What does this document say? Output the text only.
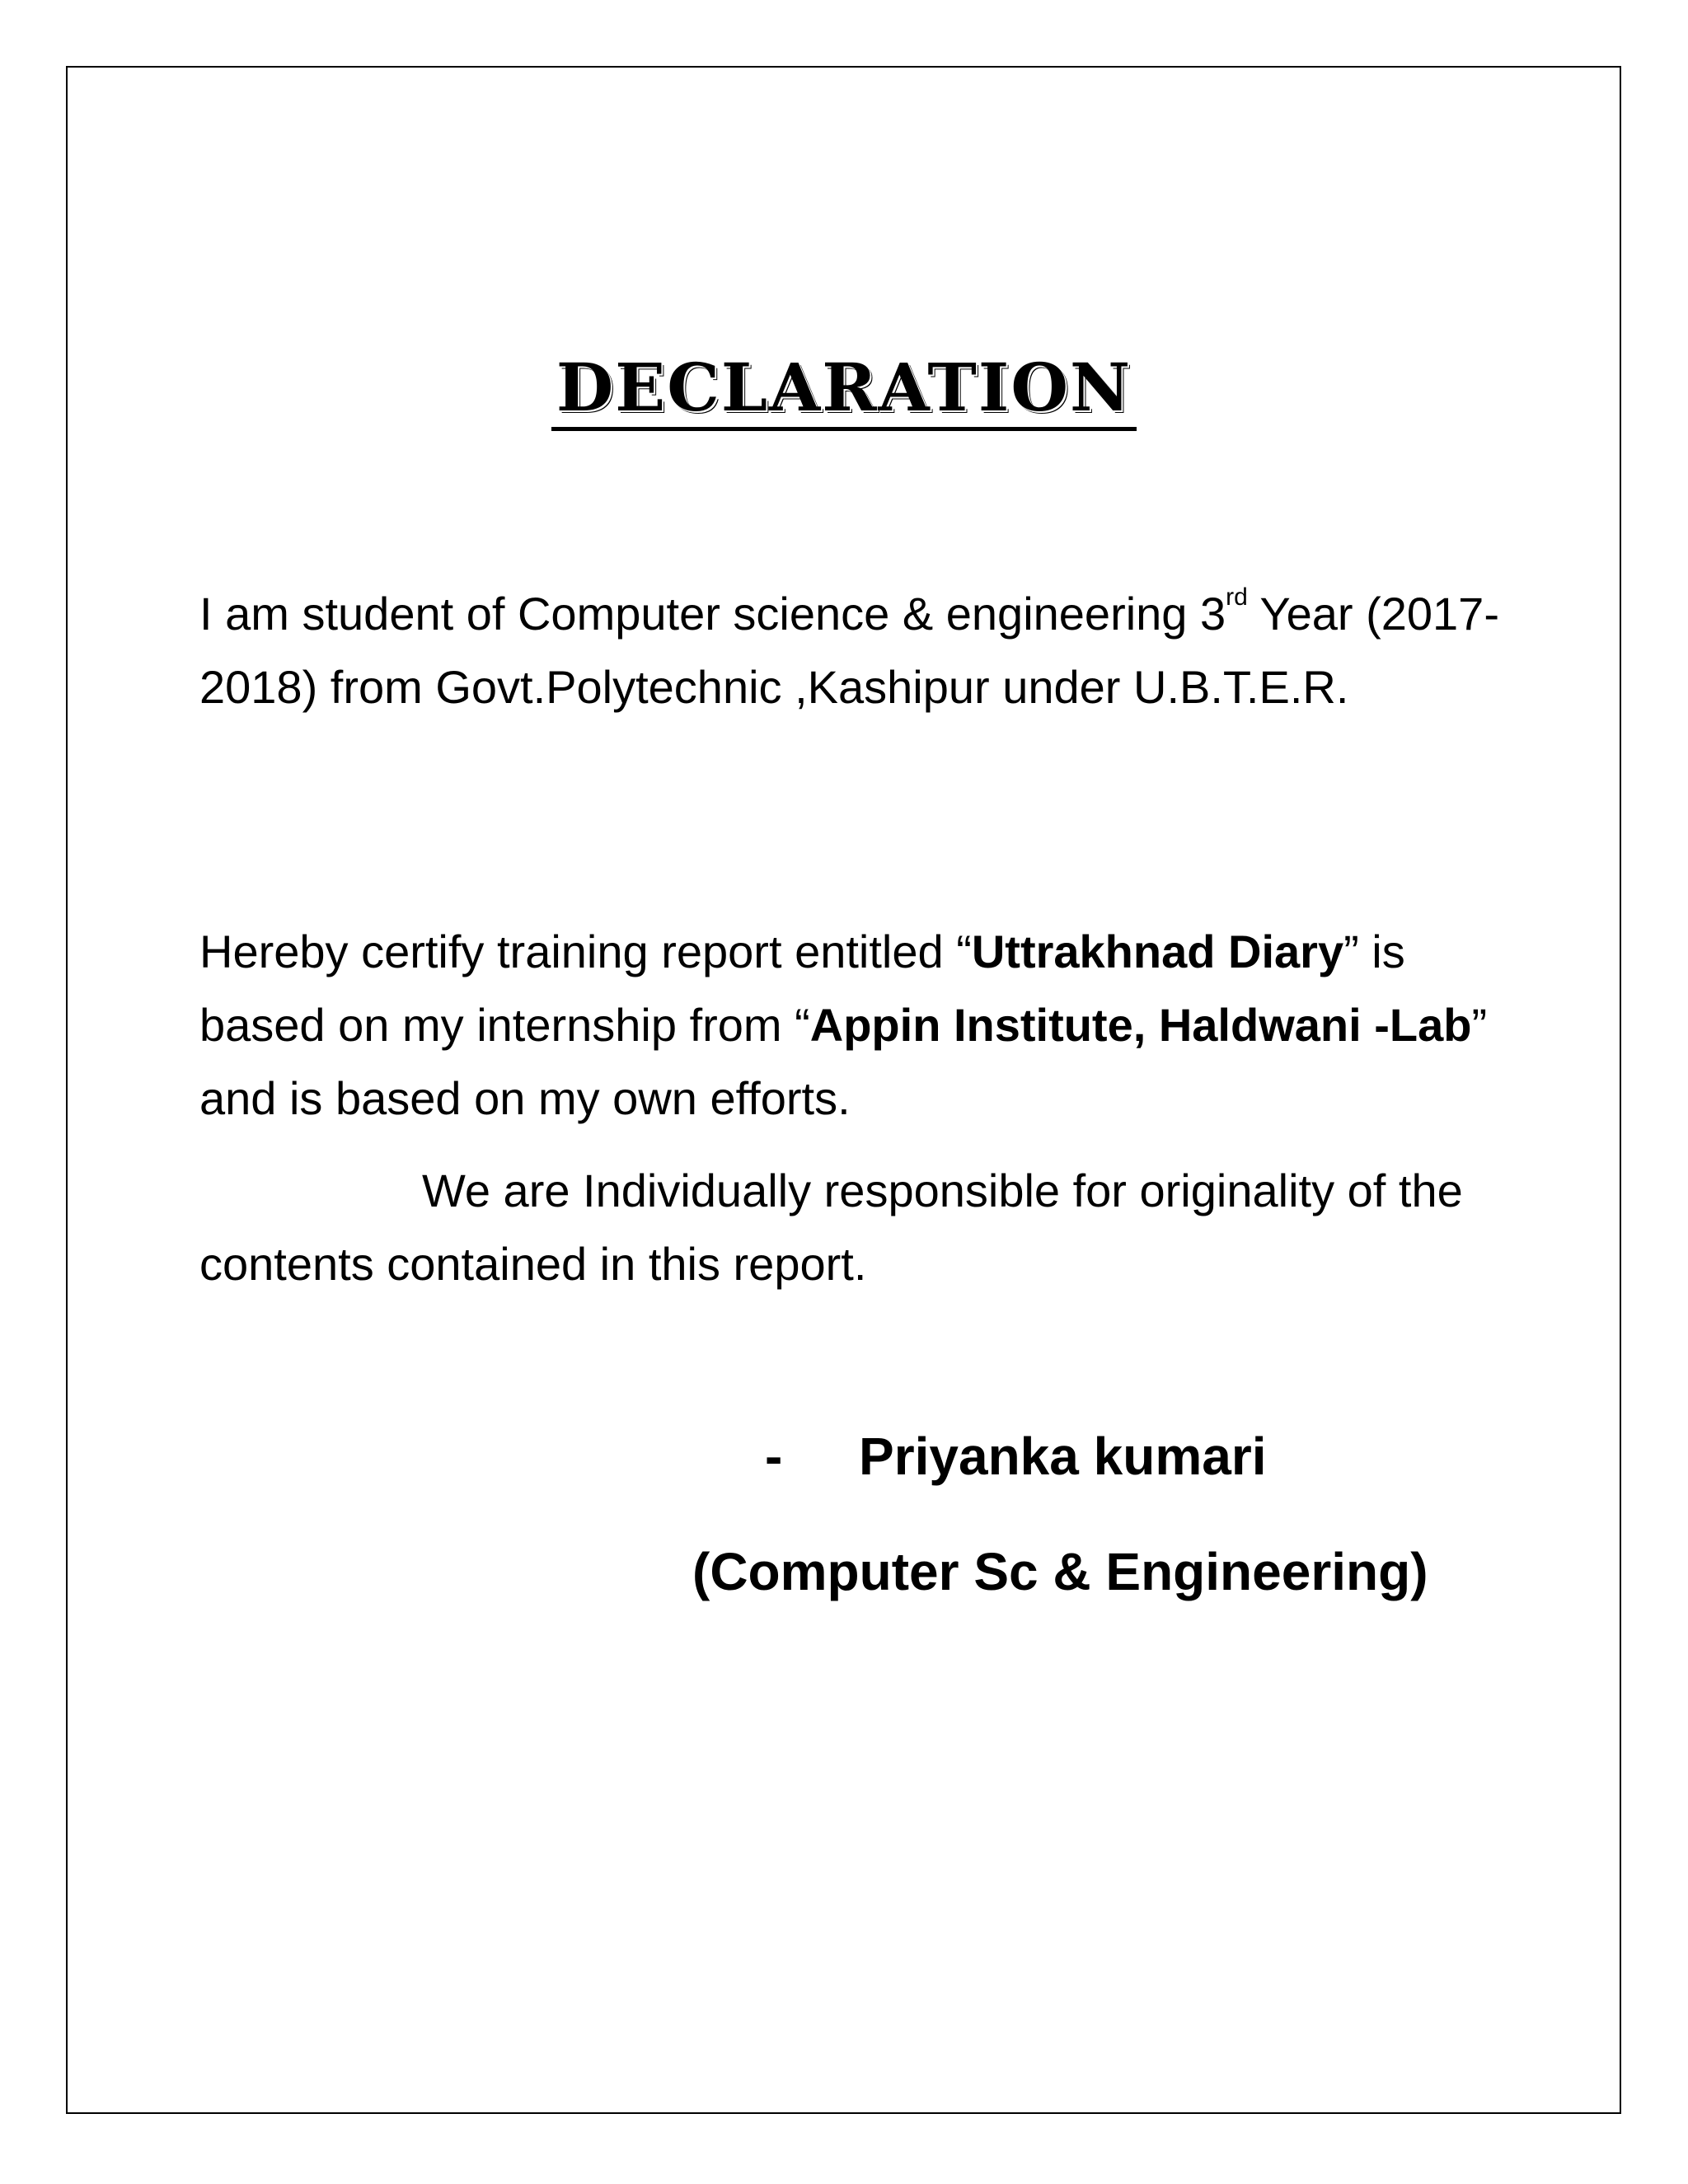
DECLARATION

I am student of Computer science & engineering 3rd Year (2017-2018) from Govt.Polytechnic ,Kashipur under U.B.T.E.R.

Hereby certify training report entitled “Uttrakhnad Diary” is based on my internship from “Appin Institute, Haldwani -Lab” and is based on my own efforts.

We are Individually responsible for originality of the contents contained in this report.

- Priyanka kumari
(Computer Sc & Engineering)
